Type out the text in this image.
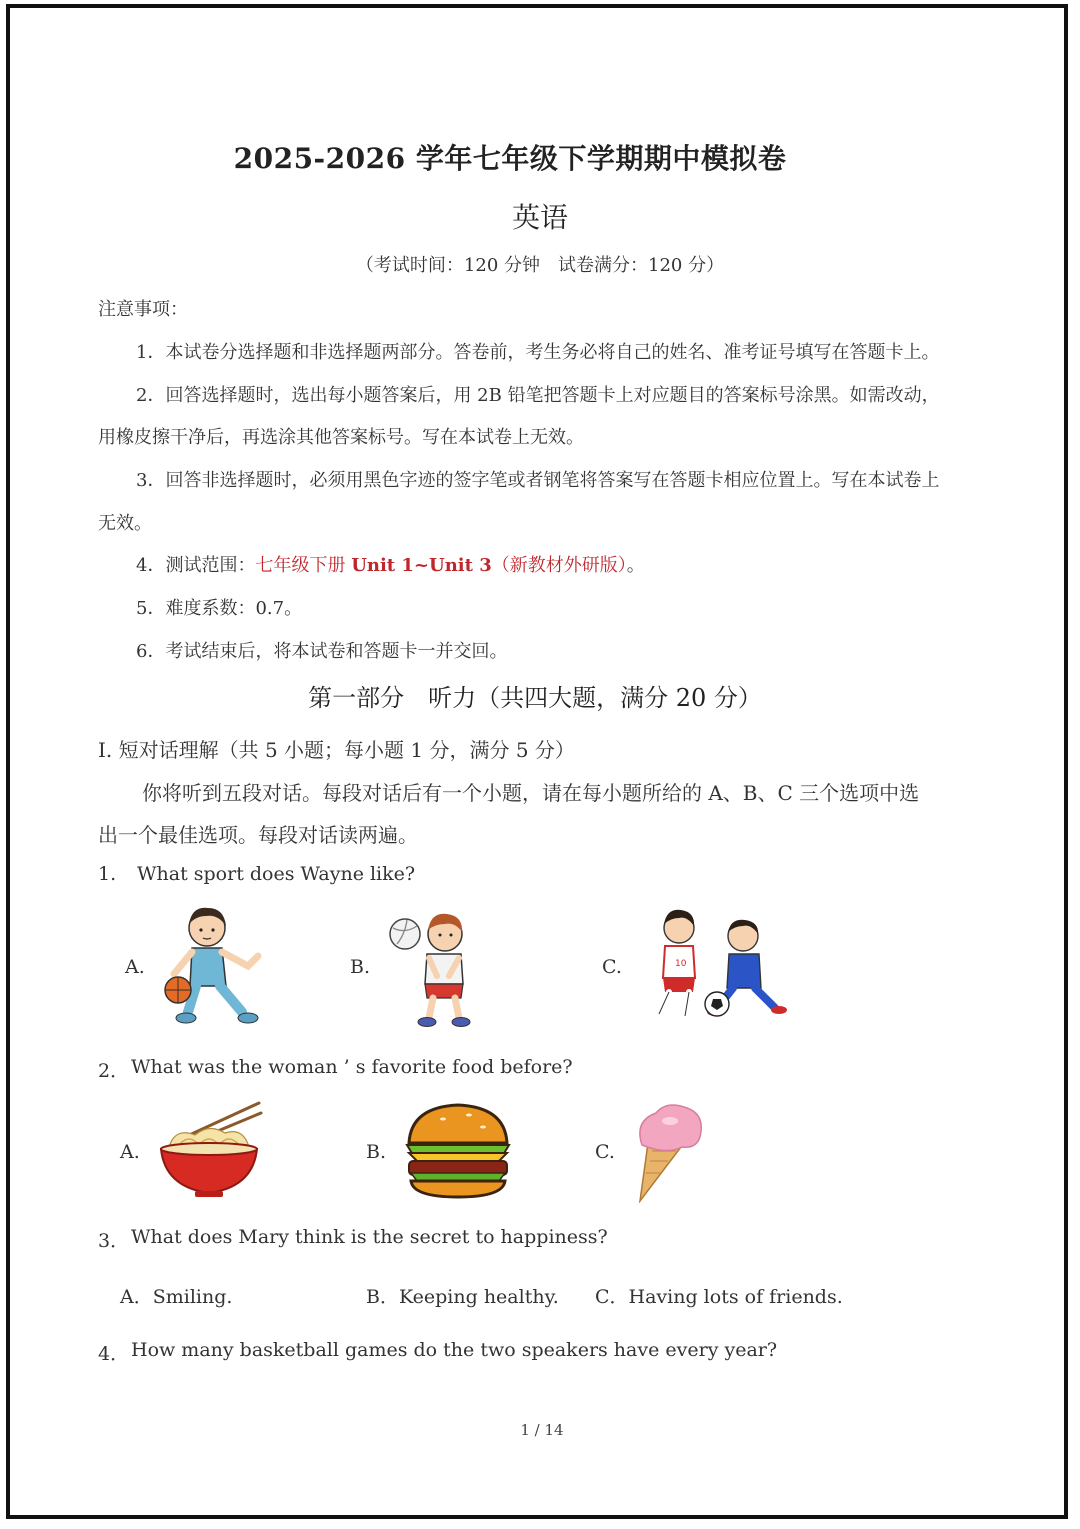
2025-2026 学年七年级下学期期中模拟卷
英语
（考试时间：120 分钟　试卷满分：120 分）
注意事项：
1．本试卷分选择题和非选择题两部分。答卷前，考生务必将自己的姓名、准考证号填写在答题卡上。
2．回答选择题时，选出每小题答案后，用 2B 铅笔把答题卡上对应题目的答案标号涂黑。如需改动，
用橡皮擦干净后，再选涂其他答案标号。写在本试卷上无效。
3．回答非选择题时，必须用黑色字迹的签字笔或者钢笔将答案写在答题卡相应位置上。写在本试卷上
无效。
4．测试范围：七年级下册 Unit 1~Unit 3（新教材外研版）。
5．难度系数：0.7。
6．考试结束后，将本试卷和答题卡一并交回。
第一部分　听力（共四大题，满分 20 分）
I. 短对话理解（共 5 小题；每小题 1 分，满分 5 分）
你将听到五段对话。每段对话后有一个小题，请在每小题所给的 A、B、C 三个选项中选
出一个最佳选项。每段对话读两遍。
1. What sport does Wayne like?
A.	B.	C.	10
2． What was the woman ’ s favorite food before?
A.	B.	C.
3． What does Mary think is the secret to happiness?
A．Smiling.	B．Keeping healthy. C．Having lots of friends.
4． How many basketball games do the two speakers have every year?
1 / 14
